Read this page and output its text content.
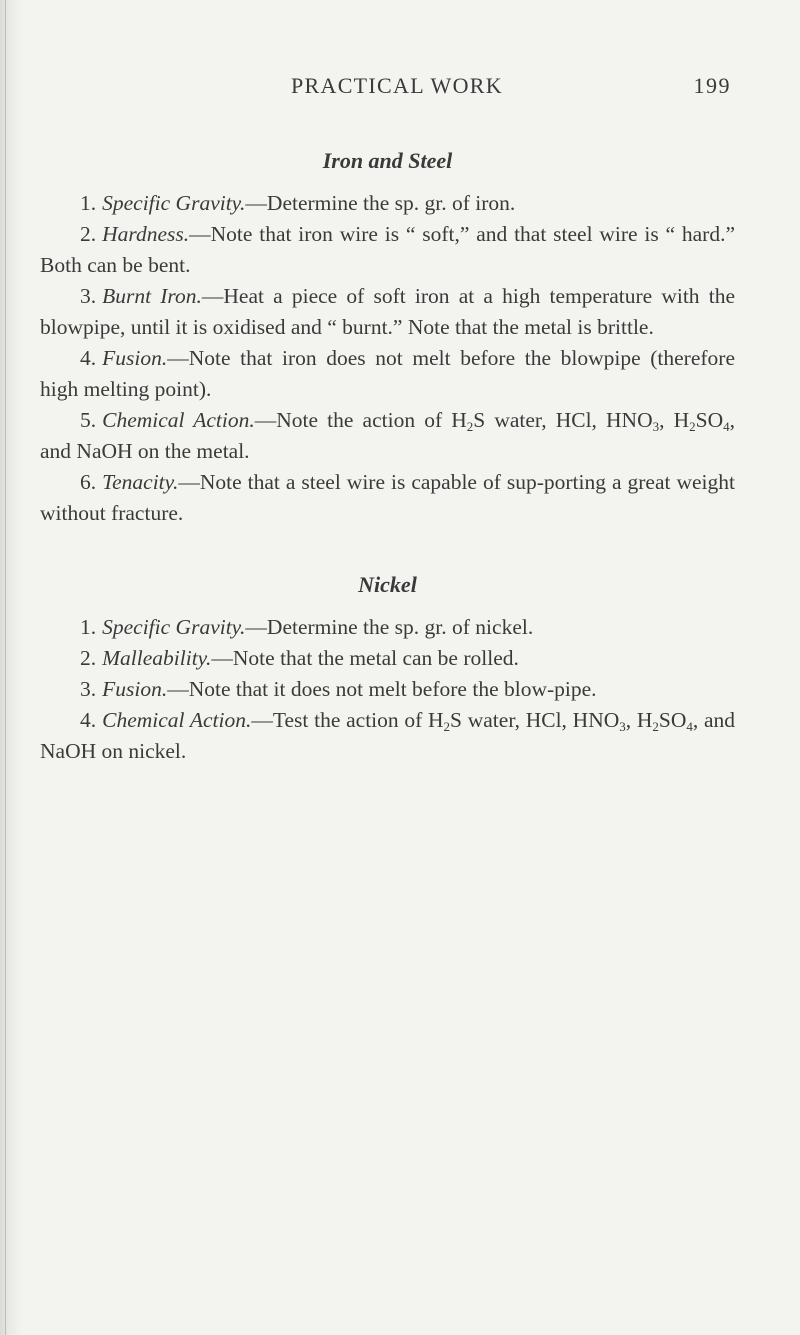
PRACTICAL WORK	199
Iron and Steel

1. Specific Gravity.—Determine the sp. gr. of iron.

2. Hardness.—Note that iron wire is “ soft,” and that steel wire is “ hard.” Both can be bent.

3. Burnt Iron.—Heat a piece of soft iron at a high temperature with the blowpipe, until it is oxidised and “ burnt.” Note that the metal is brittle.

4. Fusion.—Note that iron does not melt before the blowpipe (therefore high melting point).

5. Chemical Action.—Note the action of $H_2S$ water, HCl, $HNO_3$, $H_2SO_4$, and NaOH on the metal.

6. Tenacity.—Note that a steel wire is capable of sup-porting a great weight without fracture.

Nickel

1. Specific Gravity.—Determine the sp. gr. of nickel.

2. Malleability.—Note that the metal can be rolled.

3. Fusion.—Note that it does not melt before the blow-pipe.

4. Chemical Action.—Test the action of $H_2S$ water, HCl, $HNO_3$, $H_2SO_4$, and NaOH on nickel.
